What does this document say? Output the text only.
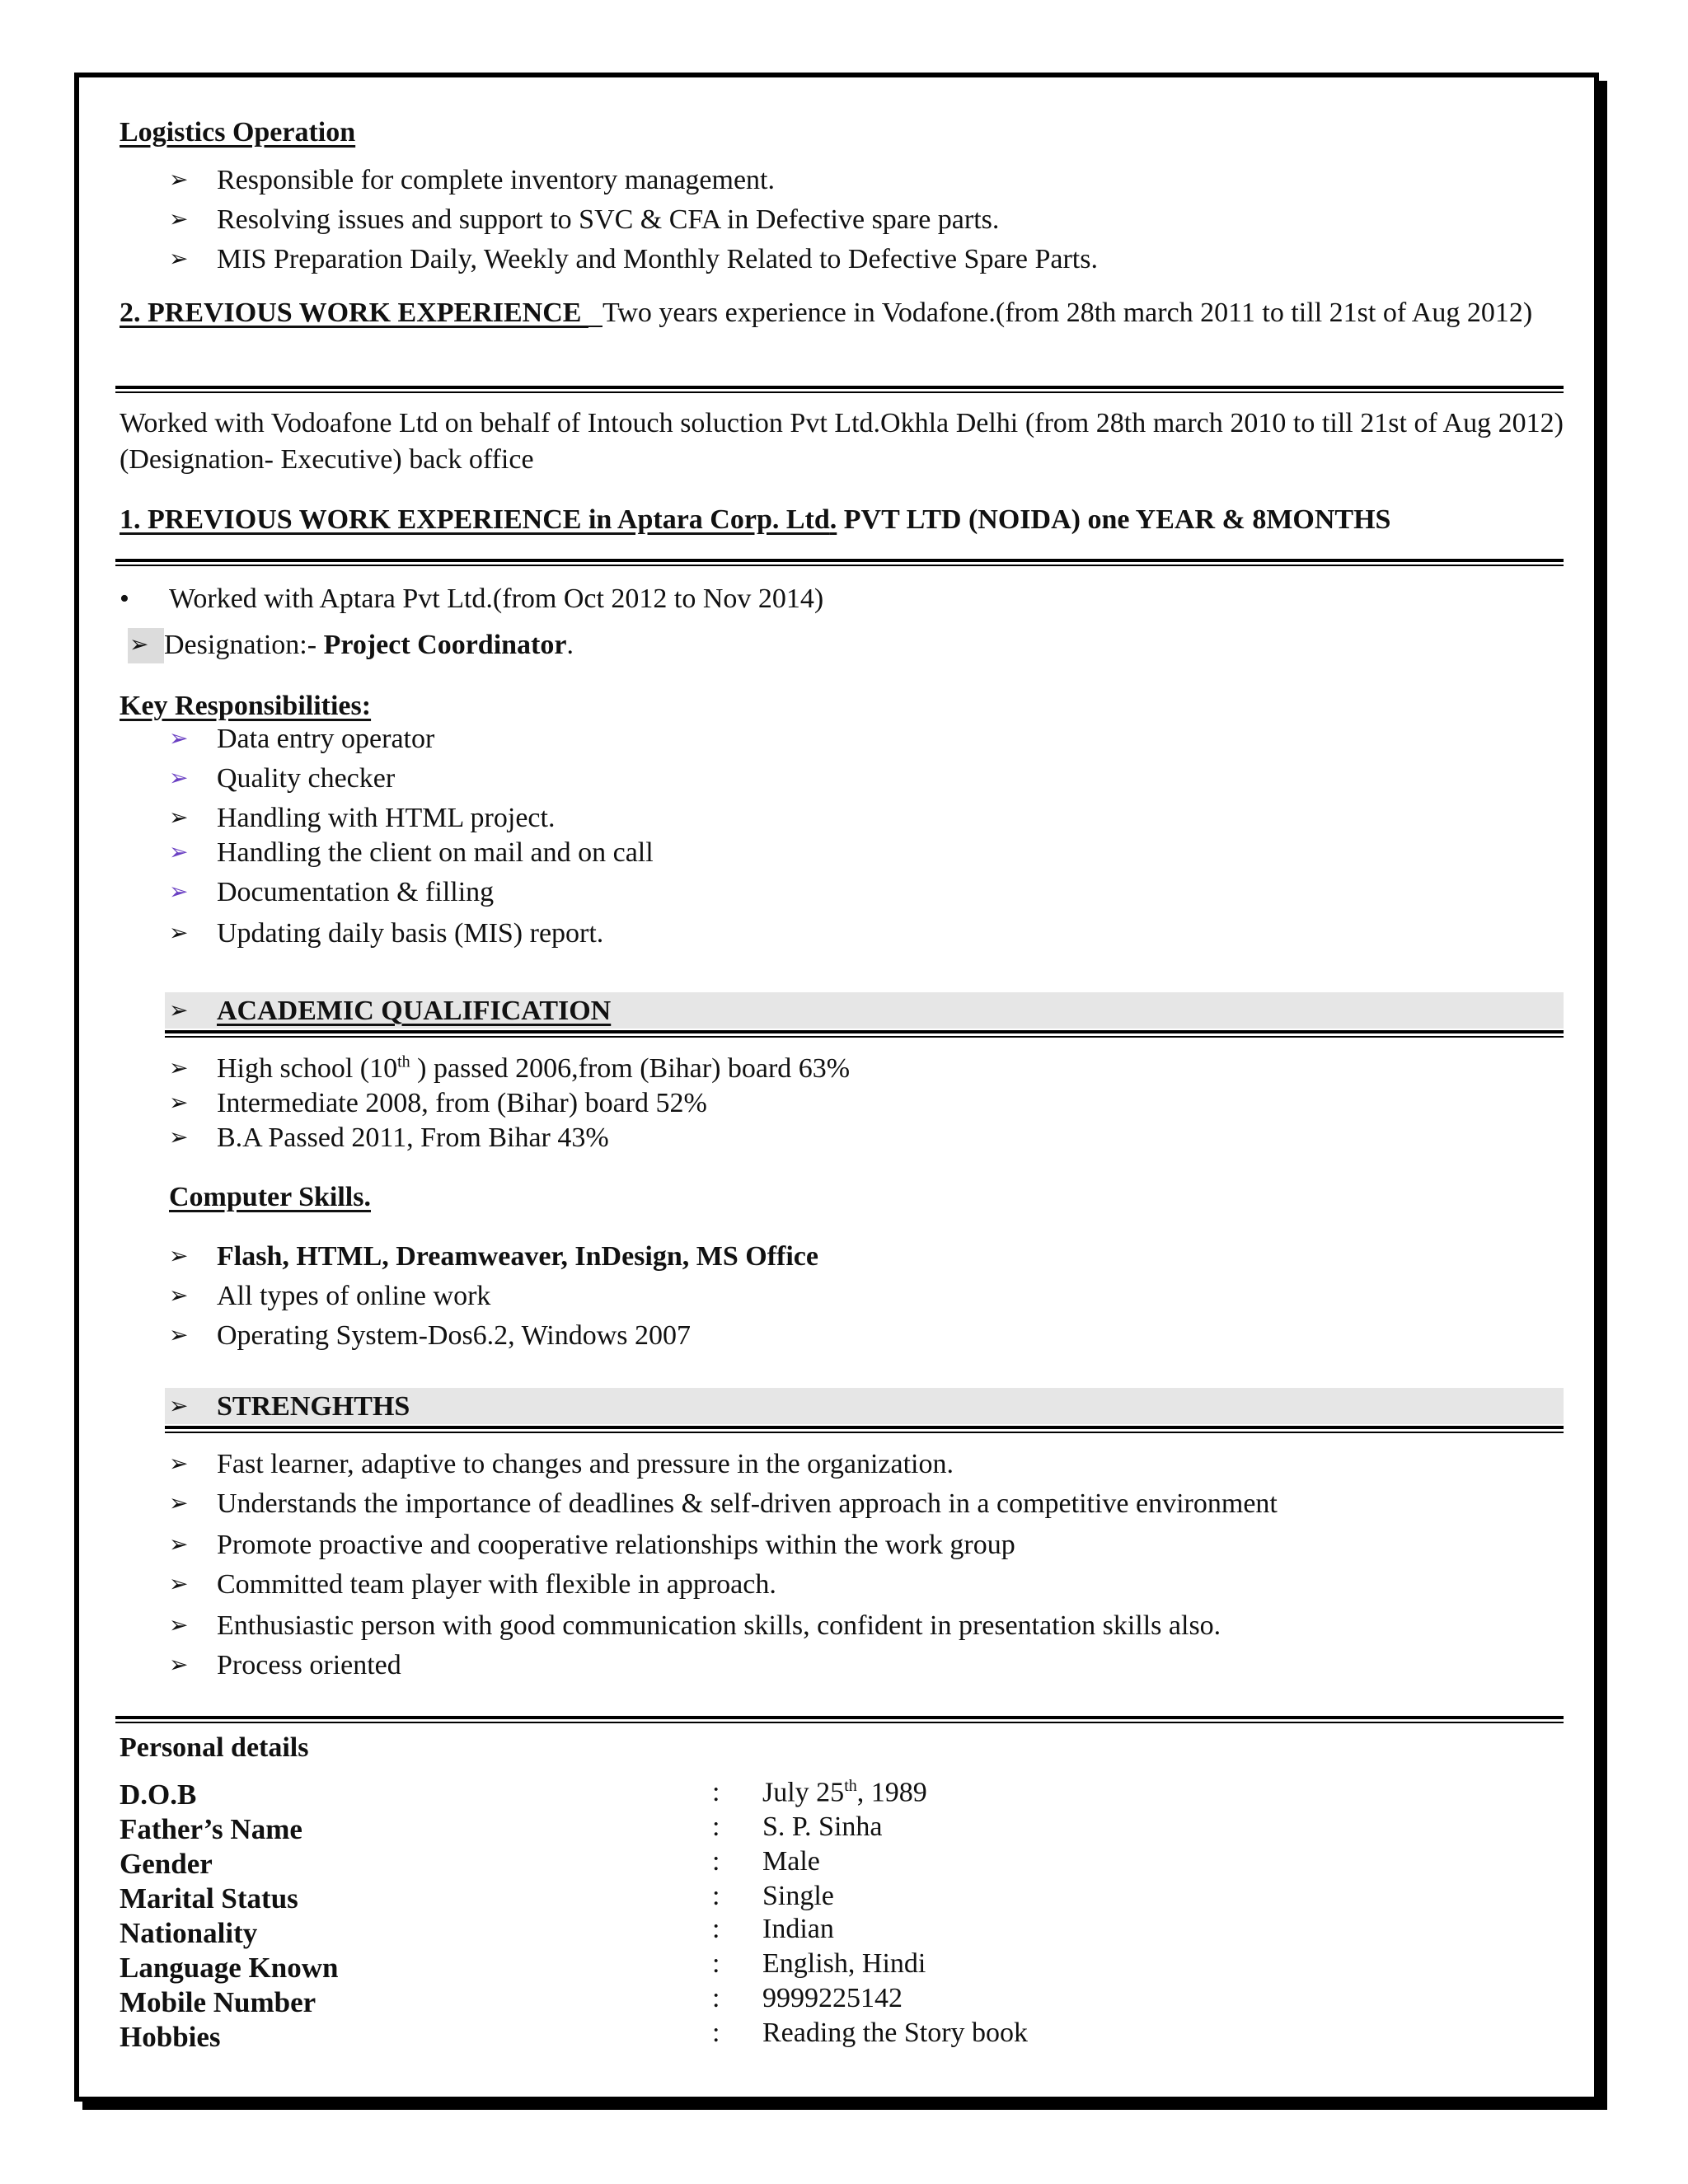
Logistics Operation
➢ Responsible for complete inventory management.
➢ Resolving issues and support to SVC & CFA in Defective spare parts.
➢ MIS Preparation Daily, Weekly and Monthly Related to Defective Spare Parts.
2. PREVIOUS WORK EXPERIENCE   Two years experience in Vodafone.(from 28th march 2011 to till 21st of Aug 2012)
Worked with Vodoafone Ltd on behalf of Intouch soluction Pvt Ltd.Okhla Delhi (from 28th march 2010 to till 21st of Aug 2012) (Designation- Executive) back office
1. PREVIOUS WORK EXPERIENCE in Aptara Corp. Ltd. PVT LTD (NOIDA) one YEAR & 8MONTHS
• Worked with Aptara Pvt Ltd.(from Oct 2012 to Nov 2014)
➢ Designation:- Project Coordinator.
Key Responsibilities:
➢ Data entry operator
➢ Quality checker
➢ Handling with HTML project.
➢ Handling the client on mail and on call
➢ Documentation & filling
➢ Updating daily basis (MIS) report.
➢ ACADEMIC QUALIFICATION
➢ High school (10th ) passed 2006,from (Bihar) board 63%
➢ Intermediate 2008, from (Bihar) board 52%
➢ B.A Passed 2011, From Bihar 43%
Computer Skills.
➢ Flash, HTML, Dreamweaver, InDesign, MS Office
➢ All types of online work
➢ Operating System-Dos6.2, Windows 2007
➢ STRENGHTHS
➢ Fast learner, adaptive to changes and pressure in the organization.
➢ Understands the importance of deadlines & self-driven approach in a competitive environment
➢ Promote proactive and cooperative relationships within the work group
➢ Committed team player with flexible in approach.
➢ Enthusiastic person with good communication skills, confident in presentation skills also.
➢ Process oriented
Personal details
D.O.B	: July 25th, 1989
Father’s Name	: S. P. Sinha
Gender	: Male
Marital Status	: Single
Nationality	: Indian
Language Known	: English, Hindi
Mobile Number	: 9999225142
Hobbies	: Reading the Story book
